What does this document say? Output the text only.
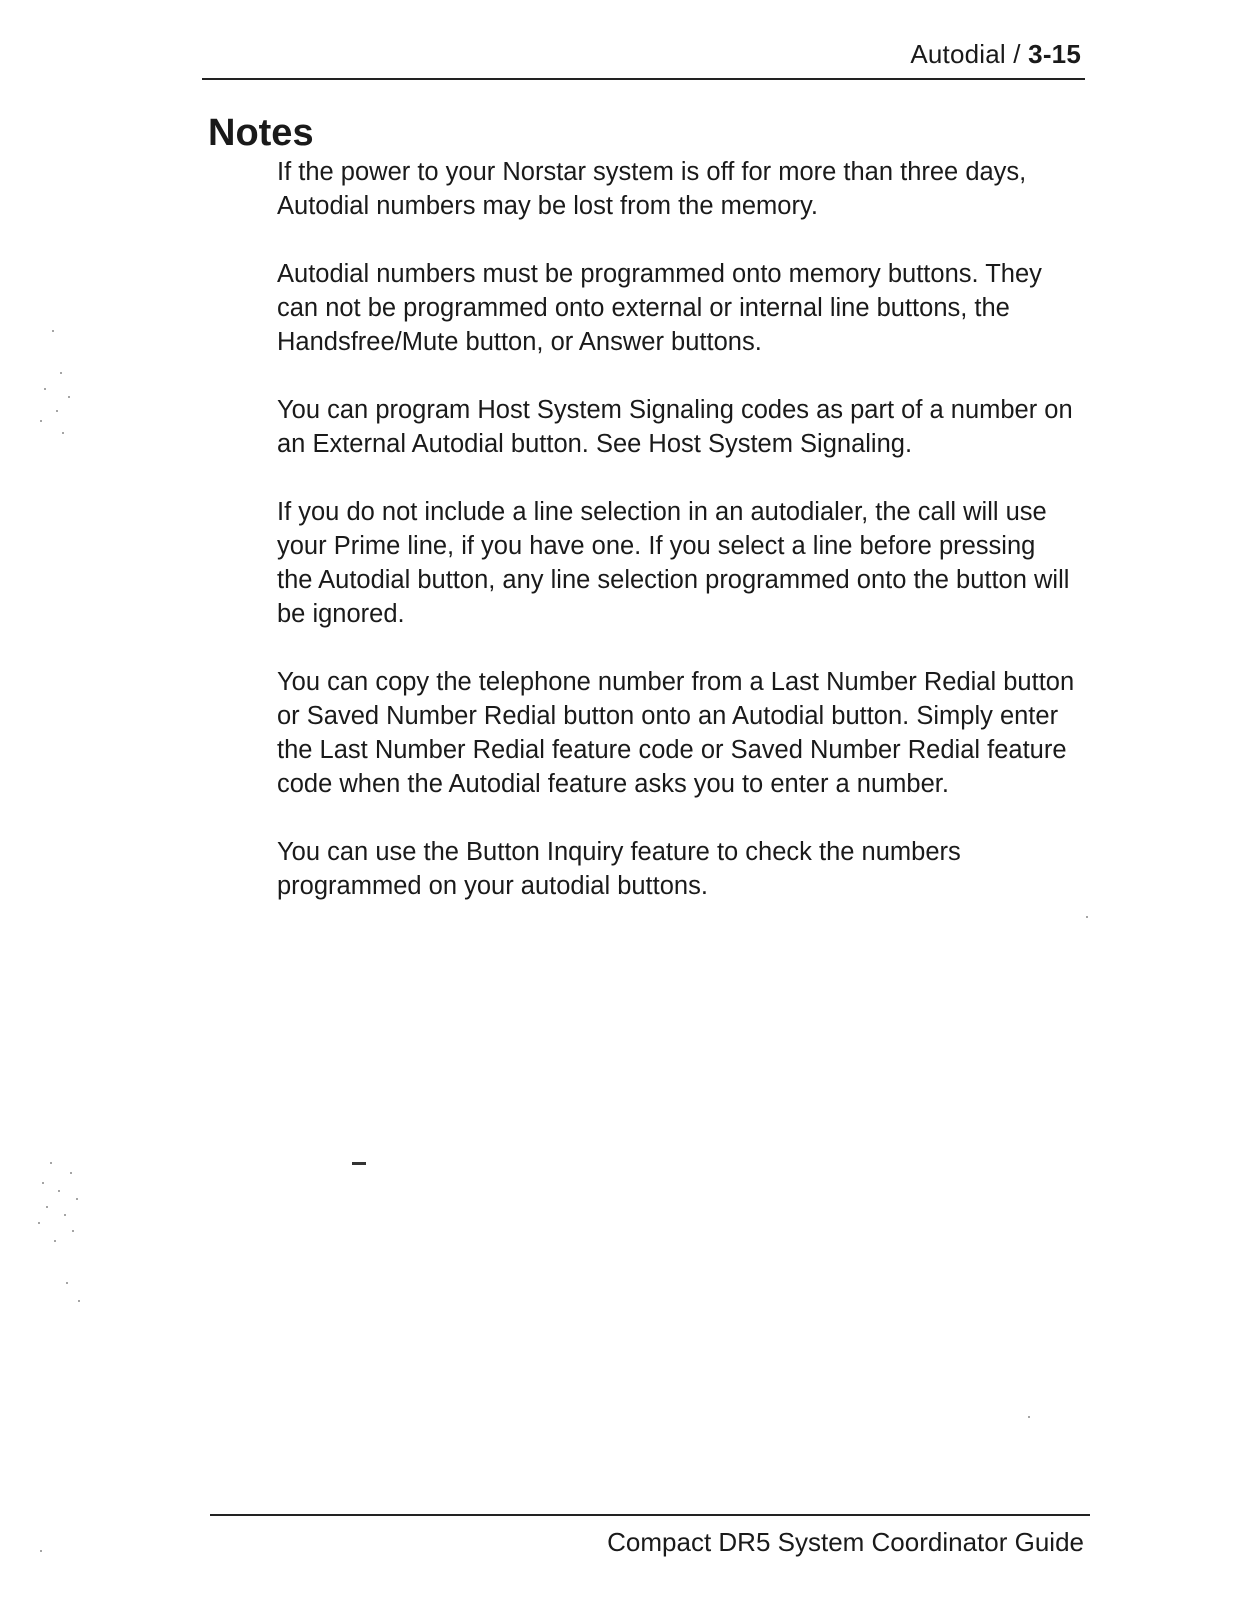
Autodial / 3-15
Notes

If the power to your Norstar system is off for more than three days, Autodial numbers may be lost from the memory.

Autodial numbers must be programmed onto memory buttons. They can not be programmed onto external or internal line buttons, the Handsfree/Mute button, or Answer buttons.

You can program Host System Signaling codes as part of a number on an External Autodial button. See Host System Signaling.

If you do not include a line selection in an autodialer, the call will use your Prime line, if you have one. If you select a line before pressing the Autodial button, any line selection programmed onto the button will be ignored.

You can copy the telephone number from a Last Number Redial button or Saved Number Redial button onto an Autodial button. Simply enter the Last Number Redial feature code or Saved Number Redial feature code when the Autodial feature asks you to enter a number.

You can use the Button Inquiry feature to check the numbers programmed on your autodial buttons.

Compact DR5 System Coordinator Guide
